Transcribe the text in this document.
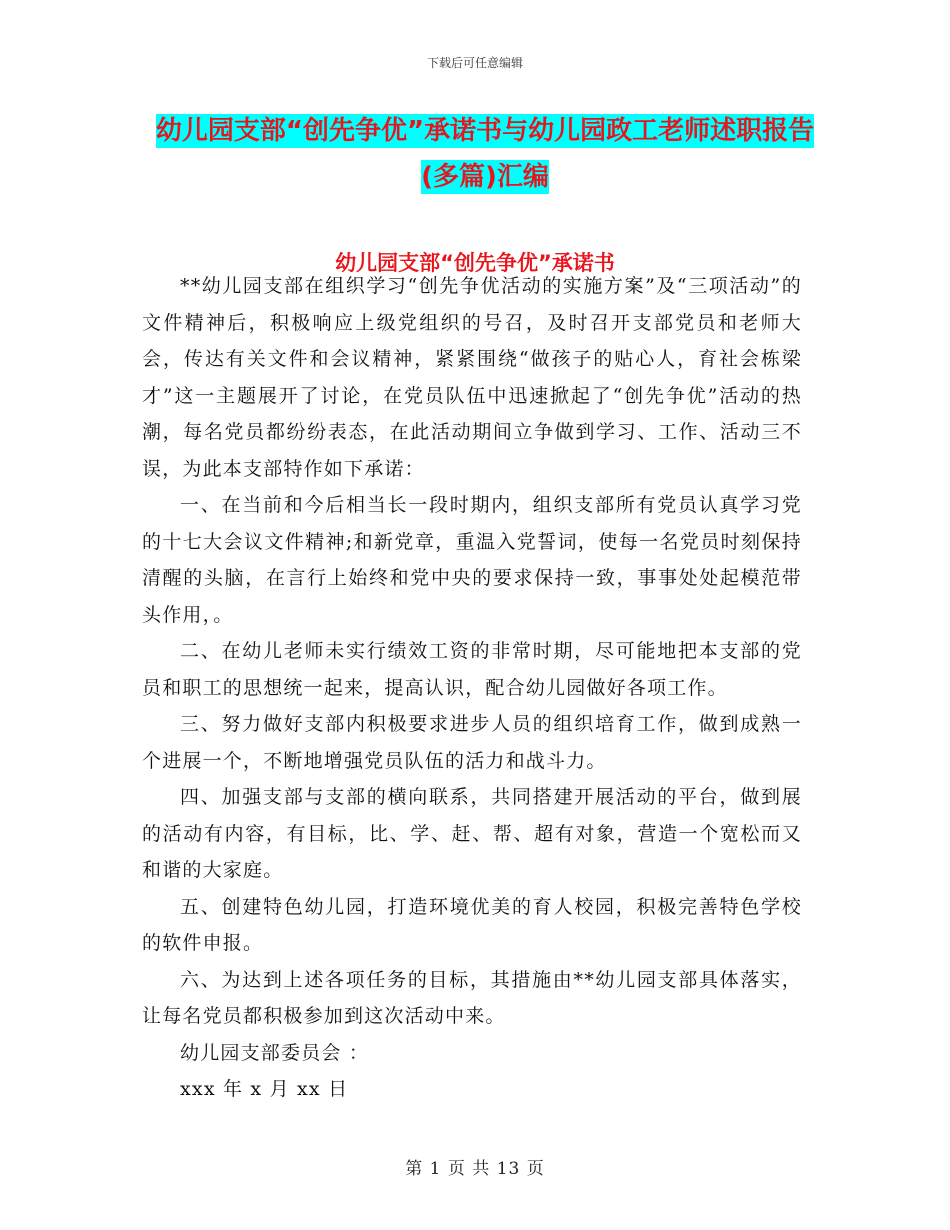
下载后可任意编辑
幼儿园支部“创先争优”承诺书与幼儿园政工老师述职报告(多篇)汇编
幼儿园支部“创先争优”承诺书

**幼儿园支部在组织学习“创先争优活动的实施方案”及“三项活动”的文件精神后，积极响应上级党组织的号召，及时召开支部党员和老师大会，传达有关文件和会议精神，紧紧围绕“做孩子的贴心人，育社会栋梁才”这一主题展开了讨论，在党员队伍中迅速掀起了“创先争优”活动的热潮，每名党员都纷纷表态，在此活动期间立争做到学习、工作、活动三不误，为此本支部特作如下承诺：

一、在当前和今后相当长一段时期内，组织支部所有党员认真学习党的十七大会议文件精神;和新党章，重温入党誓词，使每一名党员时刻保持清醒的头脑，在言行上始终和党中央的要求保持一致，事事处处起模范带头作用，。

二、在幼儿老师未实行绩效工资的非常时期，尽可能地把本支部的党员和职工的思想统一起来，提高认识，配合幼儿园做好各项工作。

三、努力做好支部内积极要求进步人员的组织培育工作，做到成熟一个进展一个，不断地增强党员队伍的活力和战斗力。

四、加强支部与支部的横向联系，共同搭建开展活动的平台，做到展的活动有内容，有目标，比、学、赶、帮、超有对象，营造一个宽松而又和谐的大家庭。

五、创建特色幼儿园，打造环境优美的育人校园，积极完善特色学校的软件申报。

六、为达到上述各项任务的目标，其措施由**幼儿园支部具体落实，让每名党员都积极参加到这次活动中来。

幼儿园支部委员会 ：

xxx 年 x 月 xx 日

第 1 页 共 13 页
